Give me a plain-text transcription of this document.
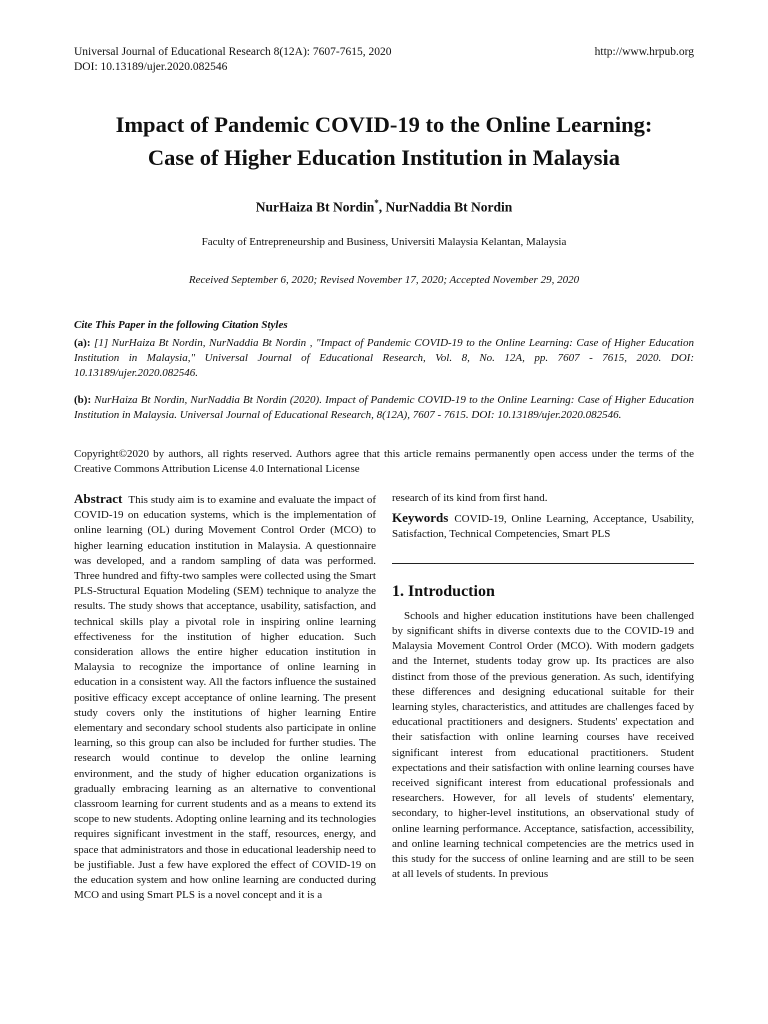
Universal Journal of Educational Research 8(12A): 7607-7615, 2020
DOI: 10.13189/ujer.2020.082546
http://www.hrpub.org
Impact of Pandemic COVID-19 to the Online Learning:
Case of Higher Education Institution in Malaysia
NurHaiza Bt Nordin*, NurNaddia Bt Nordin
Faculty of Entrepreneurship and Business, Universiti Malaysia Kelantan, Malaysia
Received September 6, 2020; Revised November 17, 2020; Accepted November 29, 2020
Cite This Paper in the following Citation Styles
(a): [1] NurHaiza Bt Nordin, NurNaddia Bt Nordin , "Impact of Pandemic COVID-19 to the Online Learning: Case of Higher Education Institution in Malaysia," Universal Journal of Educational Research, Vol. 8, No. 12A, pp. 7607 - 7615, 2020. DOI: 10.13189/ujer.2020.082546.
(b): NurHaiza Bt Nordin, NurNaddia Bt Nordin (2020). Impact of Pandemic COVID-19 to the Online Learning: Case of Higher Education Institution in Malaysia. Universal Journal of Educational Research, 8(12A), 7607 - 7615. DOI: 10.13189/ujer.2020.082546.
Copyright©2020 by authors, all rights reserved. Authors agree that this article remains permanently open access under the terms of the Creative Commons Attribution License 4.0 International License

Abstract This study aim is to examine and evaluate the impact of COVID-19 on education systems, which is the implementation of online learning (OL) during Movement Control Order (MCO) to higher learning education institution in Malaysia. A questionnaire was developed, and a random sampling of data was performed. Three hundred and fifty-two samples were collected using the Smart PLS-Structural Equation Modeling (SEM) technique to analyze the results. The study shows that acceptance, usability, satisfaction, and technical skills play a pivotal role in inspiring online learning effectiveness for the institution of higher education. Such consideration allows the entire higher education institution in Malaysia to recognize the importance of online learning in education in a consistent way. All the factors influence the sustained positive efficacy except acceptance of online learning. The present study covers only the institutions of higher learning Entire elementary and secondary school students also participate in online learning, so this group can also be included for further studies. The research would continue to develop the online learning environment, and the study of higher education organizations is gradually embracing learning as an alternative to conventional classroom learning for current students and as a means to extend its scope to new students. Adopting online learning and its technologies requires significant investment in the staff, resources, energy, and space that administrators and those in educational leadership need to be justifiable. Just a few have explored the effect of COVID-19 on the education system and how online learning are conducted during MCO and using Smart PLS is a novel concept and it is a

research of its kind from first hand.

Keywords COVID-19, Online Learning, Acceptance, Usability, Satisfaction, Technical Competencies, Smart PLS

1. Introduction

Schools and higher education institutions have been challenged by significant shifts in diverse contexts due to the COVID-19 and Malaysia Movement Control Order (MCO). With modern gadgets and the Internet, students today grow up. Its practices are also distinct from those of the previous generation. As such, identifying these differences and designing educational suitable for their learning styles, characteristics, and attitudes are challenges faced by educational practitioners and designers. Students' expectation and their satisfaction with online learning courses have received significant interest from educational practitioners. Student expectations and their satisfaction with online learning courses have received significant interest from educational professionals and researchers. However, for all levels of students' elementary, secondary, to higher-level institutions, an observational study of online learning performance. Acceptance, satisfaction, accessibility, and online learning technical competencies are the metrics used in this study for the success of online learning and are still to be seen at all levels of students. In previous
